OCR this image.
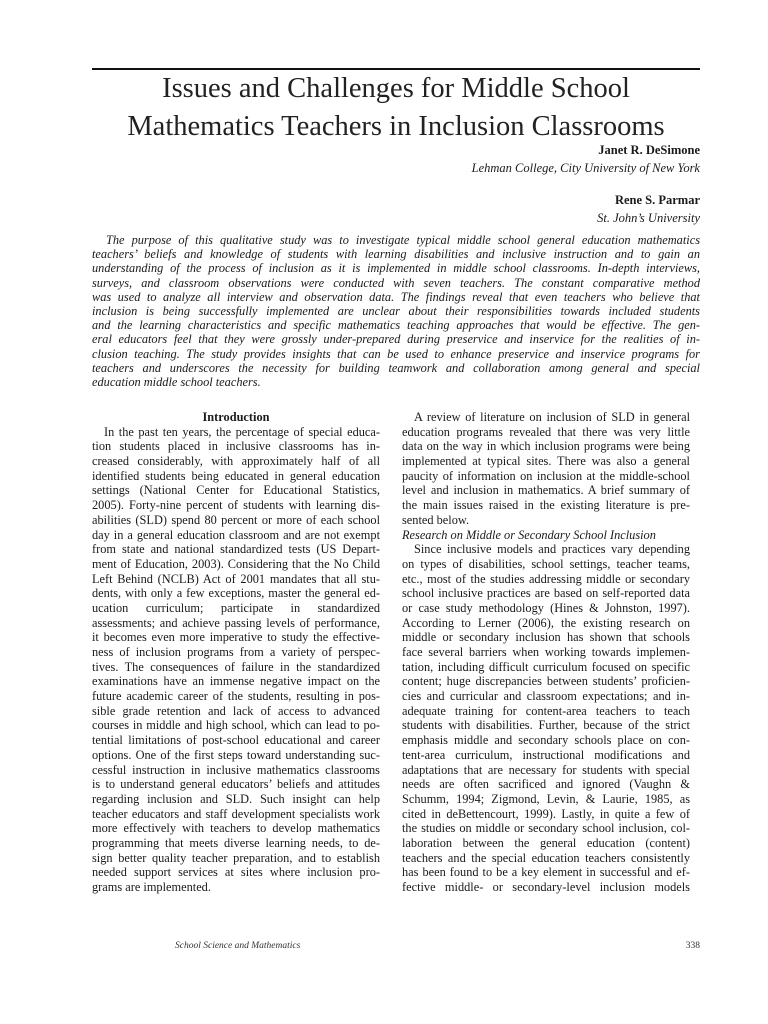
Issues and Challenges for Middle School
Mathematics Teachers in Inclusion Classrooms
Janet R. DeSimone
Lehman College, City University of New York
Rene S. Parmar
St. John’s University
The purpose of this qualitative study was to investigate typical middle school general education mathematics
teachers’ beliefs and knowledge of students with learning disabilities and inclusive instruction and to gain an
understanding of the process of inclusion as it is implemented in middle school classrooms. In-depth interviews,
surveys, and classroom observations were conducted with seven teachers. The constant comparative method
was used to analyze all interview and observation data. The findings reveal that even teachers who believe that
inclusion is being successfully implemented are unclear about their responsibilities towards included students
and the learning characteristics and specific mathematics teaching approaches that would be effective. The gen-
eral educators feel that they were grossly under-prepared during preservice and inservice for the realities of in-
clusion teaching. The study provides insights that can be used to enhance preservice and inservice programs for
teachers and underscores the necessity for building teamwork and collaboration among general and special
education middle school teachers.
Introduction
In the past ten years, the percentage of special educa-
tion students placed in inclusive classrooms has in-
creased considerably, with approximately half of all
identified students being educated in general education
settings (National Center for Educational Statistics,
2005). Forty-nine percent of students with learning dis-
abilities (SLD) spend 80 percent or more of each school
day in a general education classroom and are not exempt
from state and national standardized tests (US Depart-
ment of Education, 2003). Considering that the No Child
Left Behind (NCLB) Act of 2001 mandates that all stu-
dents, with only a few exceptions, master the general ed-
ucation curriculum; participate in standardized
assessments; and achieve passing levels of performance,
it becomes even more imperative to study the effective-
ness of inclusion programs from a variety of perspec-
tives. The consequences of failure in the standardized
examinations have an immense negative impact on the
future academic career of the students, resulting in pos-
sible grade retention and lack of access to advanced
courses in middle and high school, which can lead to po-
tential limitations of post-school educational and career
options. One of the first steps toward understanding suc-
cessful instruction in inclusive mathematics classrooms
is to understand general educators’ beliefs and attitudes
regarding inclusion and SLD. Such insight can help
teacher educators and staff development specialists work
more effectively with teachers to develop mathematics
programming that meets diverse learning needs, to de-
sign better quality teacher preparation, and to establish
needed support services at sites where inclusion pro-
grams are implemented.
A review of literature on inclusion of SLD in general
education programs revealed that there was very little
data on the way in which inclusion programs were being
implemented at typical sites. There was also a general
paucity of information on inclusion at the middle-school
level and inclusion in mathematics. A brief summary of
the main issues raised in the existing literature is pre-
sented below.
Research on Middle or Secondary School Inclusion
Since inclusive models and practices vary depending
on types of disabilities, school settings, teacher teams,
etc., most of the studies addressing middle or secondary
school inclusive practices are based on self-reported data
or case study methodology (Hines & Johnston, 1997).
According to Lerner (2006), the existing research on
middle or secondary inclusion has shown that schools
face several barriers when working towards implemen-
tation, including difficult curriculum focused on specific
content; huge discrepancies between students’ proficien-
cies and curricular and classroom expectations; and in-
adequate training for content-area teachers to teach
students with disabilities. Further, because of the strict
emphasis middle and secondary schools place on con-
tent-area curriculum, instructional modifications and
adaptations that are necessary for students with special
needs are often sacrificed and ignored (Vaughn &
Schumm, 1994; Zigmond, Levin, & Laurie, 1985, as
cited in deBettencourt, 1999). Lastly, in quite a few of
the studies on middle or secondary school inclusion, col-
laboration between the general education (content)
teachers and the special education teachers consistently
has been found to be a key element in successful and ef-
fective middle- or secondary-level inclusion models
School Science and Mathematics	338
